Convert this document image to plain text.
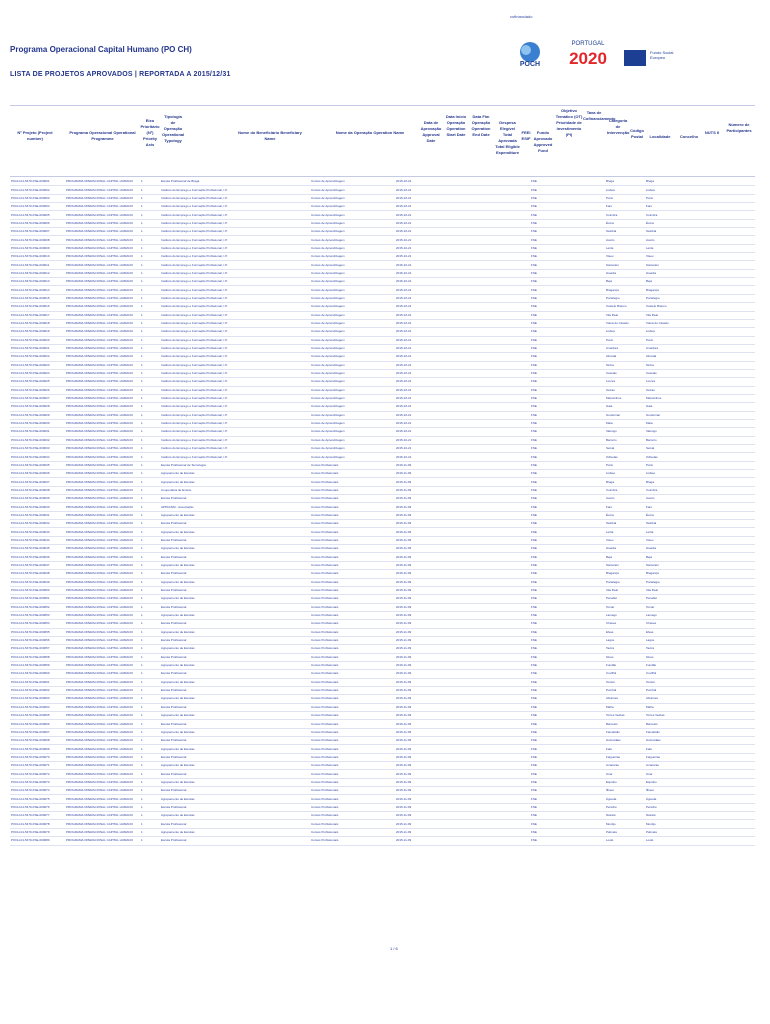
cofinanciado
POCH
PORTUGAL
2020	Fundo Social Europeu
Programa Operacional Capital Humano (PO CH)
LISTA DE PROJETOS APROVADOS | REPORTADA A 2015/12/31
Nº Projeto (Project number)
Programa Operacional Operational Programme
Eixo Prioritário (Nº) Priority Axis
Tipologia de Operação Operational Typology
Nome do Beneficiário Beneficiary Name
Nome da Operação Operation Name
Data de Aprovação Approval Date
Data Início Operação Operation Start Date
Data Fim Operação Operation End Date
Despesa Elegível Total Aprovada Total Eligible Expenditure
FEEI ESIF
Fundo Aprovado Approved Fund
Objetivo Temático (OT) Prioridade de Investimento (PI)
Taxa de Cofinanciamento
Categoria de Intervenção Código Postal	Localidade	Concelho
NUTS II
Número de Participantes
POCH-01-5470-FSE-000001	PROGRAMA OPERACIONAL CAPITAL HUMANO	1		Escola Profissional de Braga	Cursos de Aprendizagem	2015-10-21		FSE		Braga	Braga	
POCH-01-5470-FSE-000002	PROGRAMA OPERACIONAL CAPITAL HUMANO	1		Instituto do Emprego e Formação Profissional, I.P.	Cursos de Aprendizagem	2015-10-21		FSE		Lisboa	Lisboa	
POCH-01-5470-FSE-000003	PROGRAMA OPERACIONAL CAPITAL HUMANO	1		Instituto do Emprego e Formação Profissional, I.P.	Cursos de Aprendizagem	2015-10-21		FSE		Porto	Porto	
POCH-01-5470-FSE-000004	PROGRAMA OPERACIONAL CAPITAL HUMANO	1		Instituto do Emprego e Formação Profissional, I.P.	Cursos de Aprendizagem	2015-10-21		FSE		Faro	Faro	
POCH-01-5470-FSE-000005	PROGRAMA OPERACIONAL CAPITAL HUMANO	1		Instituto do Emprego e Formação Profissional, I.P.	Cursos de Aprendizagem	2015-10-21		FSE		Coimbra	Coimbra	
POCH-01-5470-FSE-000006	PROGRAMA OPERACIONAL CAPITAL HUMANO	1		Instituto do Emprego e Formação Profissional, I.P.	Cursos de Aprendizagem	2015-10-21		FSE		Évora	Évora	
POCH-01-5470-FSE-000007	PROGRAMA OPERACIONAL CAPITAL HUMANO	1		Instituto do Emprego e Formação Profissional, I.P.	Cursos de Aprendizagem	2015-10-21		FSE		Setúbal	Setúbal	
POCH-01-5470-FSE-000008	PROGRAMA OPERACIONAL CAPITAL HUMANO	1		Instituto do Emprego e Formação Profissional, I.P.	Cursos de Aprendizagem	2015-10-21		FSE		Aveiro	Aveiro	
POCH-01-5470-FSE-000009	PROGRAMA OPERACIONAL CAPITAL HUMANO	1		Instituto do Emprego e Formação Profissional, I.P.	Cursos de Aprendizagem	2015-10-21		FSE		Leiria	Leiria	
POCH-01-5470-FSE-000010	PROGRAMA OPERACIONAL CAPITAL HUMANO	1		Instituto do Emprego e Formação Profissional, I.P.	Cursos de Aprendizagem	2015-10-21		FSE		Viseu	Viseu	
POCH-01-5470-FSE-000011	PROGRAMA OPERACIONAL CAPITAL HUMANO	1		Instituto do Emprego e Formação Profissional, I.P.	Cursos de Aprendizagem	2015-10-21		FSE		Santarém	Santarém	
POCH-01-5470-FSE-000012	PROGRAMA OPERACIONAL CAPITAL HUMANO	1		Instituto do Emprego e Formação Profissional, I.P.	Cursos de Aprendizagem	2015-10-21		FSE		Guarda	Guarda	
POCH-01-5470-FSE-000013	PROGRAMA OPERACIONAL CAPITAL HUMANO	1		Instituto do Emprego e Formação Profissional, I.P.	Cursos de Aprendizagem	2015-10-21		FSE		Beja	Beja	
POCH-01-5470-FSE-000014	PROGRAMA OPERACIONAL CAPITAL HUMANO	1		Instituto do Emprego e Formação Profissional, I.P.	Cursos de Aprendizagem	2015-10-21		FSE		Bragança	Bragança	
POCH-01-5470-FSE-000015	PROGRAMA OPERACIONAL CAPITAL HUMANO	1		Instituto do Emprego e Formação Profissional, I.P.	Cursos de Aprendizagem	2015-10-21		FSE		Portalegre	Portalegre	
POCH-01-5470-FSE-000016	PROGRAMA OPERACIONAL CAPITAL HUMANO	1		Instituto do Emprego e Formação Profissional, I.P.	Cursos de Aprendizagem	2015-10-21		FSE		Castelo Branco	Castelo Branco	
POCH-01-5470-FSE-000017	PROGRAMA OPERACIONAL CAPITAL HUMANO	1		Instituto do Emprego e Formação Profissional, I.P.	Cursos de Aprendizagem	2015-10-21		FSE		Vila Real	Vila Real	
POCH-01-5470-FSE-000018	PROGRAMA OPERACIONAL CAPITAL HUMANO	1		Instituto do Emprego e Formação Profissional, I.P.	Cursos de Aprendizagem	2015-10-21		FSE		Viana do Castelo	Viana do Castelo	
POCH-01-5470-FSE-000019	PROGRAMA OPERACIONAL CAPITAL HUMANO	1		Instituto do Emprego e Formação Profissional, I.P.	Cursos de Aprendizagem	2015-10-21		FSE		Lisboa	Lisboa	
POCH-01-5470-FSE-000020	PROGRAMA OPERACIONAL CAPITAL HUMANO	1		Instituto do Emprego e Formação Profissional, I.P.	Cursos de Aprendizagem	2015-10-21		FSE		Porto	Porto	
POCH-01-5470-FSE-000021	PROGRAMA OPERACIONAL CAPITAL HUMANO	1		Instituto do Emprego e Formação Profissional, I.P.	Cursos de Aprendizagem	2015-10-21		FSE		Amadora	Amadora	
POCH-01-5470-FSE-000022	PROGRAMA OPERACIONAL CAPITAL HUMANO	1		Instituto do Emprego e Formação Profissional, I.P.	Cursos de Aprendizagem	2015-10-21		FSE		Almada	Almada	
POCH-01-5470-FSE-000023	PROGRAMA OPERACIONAL CAPITAL HUMANO	1		Instituto do Emprego e Formação Profissional, I.P.	Cursos de Aprendizagem	2015-10-21		FSE		Sintra	Sintra	
POCH-01-5470-FSE-000024	PROGRAMA OPERACIONAL CAPITAL HUMANO	1		Instituto do Emprego e Formação Profissional, I.P.	Cursos de Aprendizagem	2015-10-21		FSE		Cascais	Cascais	
POCH-01-5470-FSE-000025	PROGRAMA OPERACIONAL CAPITAL HUMANO	1		Instituto do Emprego e Formação Profissional, I.P.	Cursos de Aprendizagem	2015-10-21		FSE		Loures	Loures	
POCH-01-5470-FSE-000026	PROGRAMA OPERACIONAL CAPITAL HUMANO	1		Instituto do Emprego e Formação Profissional, I.P.	Cursos de Aprendizagem	2015-10-21		FSE		Oeiras	Oeiras	
POCH-01-5470-FSE-000027	PROGRAMA OPERACIONAL CAPITAL HUMANO	1		Instituto do Emprego e Formação Profissional, I.P.	Cursos de Aprendizagem	2015-10-21		FSE		Matosinhos	Matosinhos	
POCH-01-5470-FSE-000028	PROGRAMA OPERACIONAL CAPITAL HUMANO	1		Instituto do Emprego e Formação Profissional, I.P.	Cursos de Aprendizagem	2015-10-21		FSE		Gaia	Gaia	
POCH-01-5470-FSE-000029	PROGRAMA OPERACIONAL CAPITAL HUMANO	1		Instituto do Emprego e Formação Profissional, I.P.	Cursos de Aprendizagem	2015-10-21		FSE		Gondomar	Gondomar	
POCH-01-5470-FSE-000030	PROGRAMA OPERACIONAL CAPITAL HUMANO	1		Instituto do Emprego e Formação Profissional, I.P.	Cursos de Aprendizagem	2015-10-21		FSE		Maia	Maia	
POCH-01-5470-FSE-000031	PROGRAMA OPERACIONAL CAPITAL HUMANO	1		Instituto do Emprego e Formação Profissional, I.P.	Cursos de Aprendizagem	2015-10-21		FSE		Valongo	Valongo	
POCH-01-5470-FSE-000032	PROGRAMA OPERACIONAL CAPITAL HUMANO	1		Instituto do Emprego e Formação Profissional, I.P.	Cursos de Aprendizagem	2015-10-21		FSE		Barreiro	Barreiro	
POCH-01-5470-FSE-000033	PROGRAMA OPERACIONAL CAPITAL HUMANO	1		Instituto do Emprego e Formação Profissional, I.P.	Cursos de Aprendizagem	2015-10-21		FSE		Seixal	Seixal	
POCH-01-5470-FSE-000034	PROGRAMA OPERACIONAL CAPITAL HUMANO	1		Instituto do Emprego e Formação Profissional, I.P.	Cursos de Aprendizagem	2015-10-21		FSE		Odivelas	Odivelas	
POCH-01-5470-FSE-000035	PROGRAMA OPERACIONAL CAPITAL HUMANO	1		Escola Profissional de Tecnologia	Cursos Profissionais	2015-11-09		FSE		Porto	Porto	
POCH-01-5470-FSE-000036	PROGRAMA OPERACIONAL CAPITAL HUMANO	1		Agrupamento de Escolas	Cursos Profissionais	2015-11-09		FSE		Lisboa	Lisboa	
POCH-01-5470-FSE-000037	PROGRAMA OPERACIONAL CAPITAL HUMANO	1		Agrupamento de Escolas	Cursos Profissionais	2015-11-09		FSE		Braga	Braga	
POCH-01-5470-FSE-000038	PROGRAMA OPERACIONAL CAPITAL HUMANO	1		Cooperativa de Ensino	Cursos Profissionais	2015-11-09		FSE		Coimbra	Coimbra	
POCH-01-5470-FSE-000039	PROGRAMA OPERACIONAL CAPITAL HUMANO	1		Escola Profissional	Cursos Profissionais	2015-11-09		FSE		Aveiro	Aveiro	
POCH-01-5470-FSE-000040	PROGRAMA OPERACIONAL CAPITAL HUMANO	1		APPACDM - Associação	Cursos Profissionais	2015-11-09		FSE		Faro	Faro	
POCH-01-5470-FSE-000041	PROGRAMA OPERACIONAL CAPITAL HUMANO	1		Agrupamento de Escolas	Cursos Profissionais	2015-11-09		FSE		Évora	Évora	
POCH-01-5470-FSE-000042	PROGRAMA OPERACIONAL CAPITAL HUMANO	1		Escola Profissional	Cursos Profissionais	2015-11-09		FSE		Setúbal	Setúbal	
POCH-01-5470-FSE-000043	PROGRAMA OPERACIONAL CAPITAL HUMANO	1		Agrupamento de Escolas	Cursos Profissionais	2015-11-09		FSE		Leiria	Leiria	
POCH-01-5470-FSE-000044	PROGRAMA OPERACIONAL CAPITAL HUMANO	1		Escola Profissional	Cursos Profissionais	2015-11-09		FSE		Viseu	Viseu	
POCH-01-5470-FSE-000045	PROGRAMA OPERACIONAL CAPITAL HUMANO	1		Agrupamento de Escolas	Cursos Profissionais	2015-11-09		FSE		Guarda	Guarda	
POCH-01-5470-FSE-000046	PROGRAMA OPERACIONAL CAPITAL HUMANO	1		Escola Profissional	Cursos Profissionais	2015-11-09		FSE		Beja	Beja	
POCH-01-5470-FSE-000047	PROGRAMA OPERACIONAL CAPITAL HUMANO	1		Agrupamento de Escolas	Cursos Profissionais	2015-11-09		FSE		Santarém	Santarém	
POCH-01-5470-FSE-000048	PROGRAMA OPERACIONAL CAPITAL HUMANO	1		Escola Profissional	Cursos Profissionais	2015-11-09		FSE		Bragança	Bragança	
POCH-01-5470-FSE-000049	PROGRAMA OPERACIONAL CAPITAL HUMANO	1		Agrupamento de Escolas	Cursos Profissionais	2015-11-09		FSE		Portalegre	Portalegre	
POCH-01-5470-FSE-000050	PROGRAMA OPERACIONAL CAPITAL HUMANO	1		Escola Profissional	Cursos Profissionais	2015-11-09		FSE		Vila Real	Vila Real	
POCH-01-5470-FSE-000051	PROGRAMA OPERACIONAL CAPITAL HUMANO	1		Agrupamento de Escolas	Cursos Profissionais	2015-11-09		FSE		Penafiel	Penafiel	
POCH-01-5470-FSE-000052	PROGRAMA OPERACIONAL CAPITAL HUMANO	1		Escola Profissional	Cursos Profissionais	2015-11-09		FSE		Tomar	Tomar	
POCH-01-5470-FSE-000053	PROGRAMA OPERACIONAL CAPITAL HUMANO	1		Agrupamento de Escolas	Cursos Profissionais	2015-11-09		FSE		Lamego	Lamego	
POCH-01-5470-FSE-000054	PROGRAMA OPERACIONAL CAPITAL HUMANO	1		Escola Profissional	Cursos Profissionais	2015-11-09		FSE		Chaves	Chaves	
POCH-01-5470-FSE-000055	PROGRAMA OPERACIONAL CAPITAL HUMANO	1		Agrupamento de Escolas	Cursos Profissionais	2015-11-09		FSE		Elvas	Elvas	
POCH-01-5470-FSE-000056	PROGRAMA OPERACIONAL CAPITAL HUMANO	1		Escola Profissional	Cursos Profissionais	2015-11-09		FSE		Lagos	Lagos	
POCH-01-5470-FSE-000057	PROGRAMA OPERACIONAL CAPITAL HUMANO	1		Agrupamento de Escolas	Cursos Profissionais	2015-11-09		FSE		Tavira	Tavira	
POCH-01-5470-FSE-000058	PROGRAMA OPERACIONAL CAPITAL HUMANO	1		Escola Profissional	Cursos Profissionais	2015-11-09		FSE		Sines	Sines	
POCH-01-5470-FSE-000059	PROGRAMA OPERACIONAL CAPITAL HUMANO	1		Agrupamento de Escolas	Cursos Profissionais	2015-11-09		FSE		Fundão	Fundão	
POCH-01-5470-FSE-000060	PROGRAMA OPERACIONAL CAPITAL HUMANO	1		Escola Profissional	Cursos Profissionais	2015-11-09		FSE		Covilhã	Covilhã	
POCH-01-5470-FSE-000061	PROGRAMA OPERACIONAL CAPITAL HUMANO	1		Agrupamento de Escolas	Cursos Profissionais	2015-11-09		FSE		Ourém	Ourém	
POCH-01-5470-FSE-000062	PROGRAMA OPERACIONAL CAPITAL HUMANO	1		Escola Profissional	Cursos Profissionais	2015-11-09		FSE		Pombal	Pombal	
POCH-01-5470-FSE-000063	PROGRAMA OPERACIONAL CAPITAL HUMANO	1		Agrupamento de Escolas	Cursos Profissionais	2015-11-09		FSE		Abrantes	Abrantes	
POCH-01-5470-FSE-000064	PROGRAMA OPERACIONAL CAPITAL HUMANO	1		Escola Profissional	Cursos Profissionais	2015-11-09		FSE		Mafra	Mafra	
POCH-01-5470-FSE-000065	PROGRAMA OPERACIONAL CAPITAL HUMANO	1		Agrupamento de Escolas	Cursos Profissionais	2015-11-09		FSE		Torres Vedras	Torres Vedras	
POCH-01-5470-FSE-000066	PROGRAMA OPERACIONAL CAPITAL HUMANO	1		Escola Profissional	Cursos Profissionais	2015-11-09		FSE		Barcelos	Barcelos	
POCH-01-5470-FSE-000067	PROGRAMA OPERACIONAL CAPITAL HUMANO	1		Agrupamento de Escolas	Cursos Profissionais	2015-11-09		FSE		Famalicão	Famalicão	
POCH-01-5470-FSE-000068	PROGRAMA OPERACIONAL CAPITAL HUMANO	1		Escola Profissional	Cursos Profissionais	2015-11-09		FSE		Guimarães	Guimarães	
POCH-01-5470-FSE-000069	PROGRAMA OPERACIONAL CAPITAL HUMANO	1		Agrupamento de Escolas	Cursos Profissionais	2015-11-09		FSE		Fafe	Fafe	
POCH-01-5470-FSE-000070	PROGRAMA OPERACIONAL CAPITAL HUMANO	1		Escola Profissional	Cursos Profissionais	2015-11-09		FSE		Felgueiras	Felgueiras	
POCH-01-5470-FSE-000071	PROGRAMA OPERACIONAL CAPITAL HUMANO	1		Agrupamento de Escolas	Cursos Profissionais	2015-11-09		FSE		Amarante	Amarante	
POCH-01-5470-FSE-000072	PROGRAMA OPERACIONAL CAPITAL HUMANO	1		Escola Profissional	Cursos Profissionais	2015-11-09		FSE		Ovar	Ovar	
POCH-01-5470-FSE-000073	PROGRAMA OPERACIONAL CAPITAL HUMANO	1		Agrupamento de Escolas	Cursos Profissionais	2015-11-09		FSE		Espinho	Espinho	
POCH-01-5470-FSE-000074	PROGRAMA OPERACIONAL CAPITAL HUMANO	1		Escola Profissional	Cursos Profissionais	2015-11-09		FSE		Ílhavo	Ílhavo	
POCH-01-5470-FSE-000075	PROGRAMA OPERACIONAL CAPITAL HUMANO	1		Agrupamento de Escolas	Cursos Profissionais	2015-11-09		FSE		Águeda	Águeda	
POCH-01-5470-FSE-000076	PROGRAMA OPERACIONAL CAPITAL HUMANO	1		Escola Profissional	Cursos Profissionais	2015-11-09		FSE		Peniche	Peniche	
POCH-01-5470-FSE-000077	PROGRAMA OPERACIONAL CAPITAL HUMANO	1		Agrupamento de Escolas	Cursos Profissionais	2015-11-09		FSE		Nazaré	Nazaré	
POCH-01-5470-FSE-000078	PROGRAMA OPERACIONAL CAPITAL HUMANO	1		Escola Profissional	Cursos Profissionais	2015-11-09		FSE		Montijo	Montijo	
POCH-01-5470-FSE-000079	PROGRAMA OPERACIONAL CAPITAL HUMANO	1		Agrupamento de Escolas	Cursos Profissionais	2015-11-09		FSE		Palmela	Palmela	
POCH-01-5470-FSE-000080	PROGRAMA OPERACIONAL CAPITAL HUMANO	1		Escola Profissional	Cursos Profissionais	2015-11-09		FSE		Loulé	Loulé	
1 / 6
